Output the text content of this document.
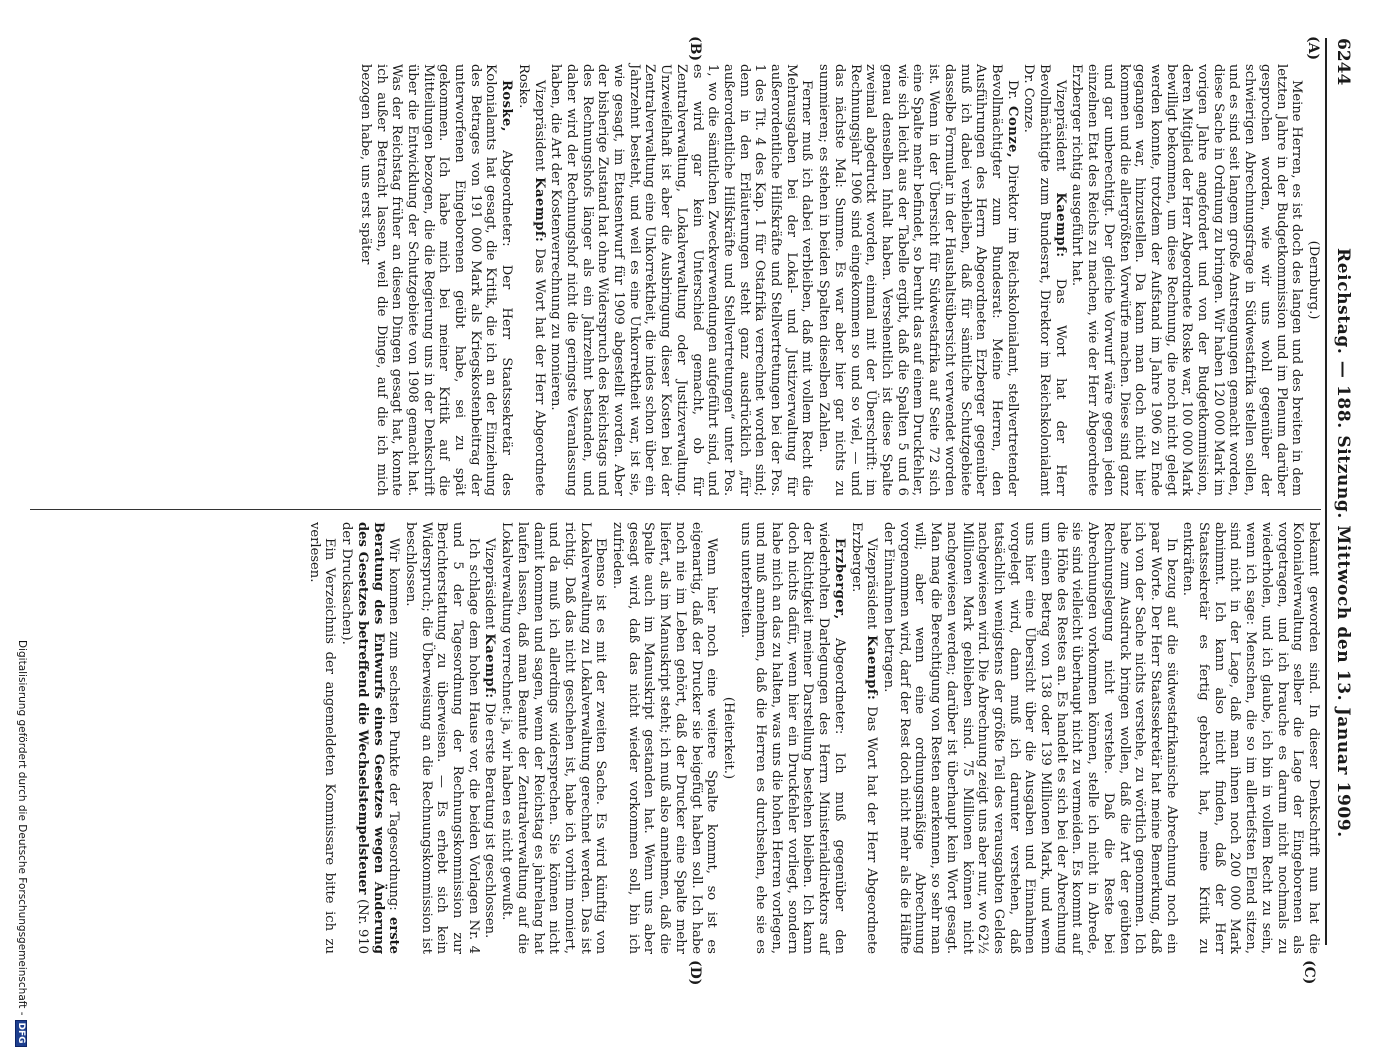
6244
Reichstag. — 188. Sitzung. Mittwoch den 13. Januar 1909.
(A)
(B)
(C)
(D)

(Dernburg.)

Meine Herren, es ist doch des langen und des breiten in dem letzten Jahre in der Budgetkommission und im Plenum darüber gesprochen worden, wie wir uns wohl gegenüber der schwierigen Abrechnungsfrage in Südwestafrika stellen sollen, und es sind seit langem große Anstrengungen gemacht worden, diese Sache in Ordnung zu bringen. Wir haben 120 000 Mark im vorigen Jahre angefordert und von der Budgetkommission, deren Mitglied der Herr Abgeordnete Roske war, 100 000 Mark bewilligt bekommen, um diese Rechnung, die noch nicht gelegt werden konnte, trotzdem der Aufstand im Jahre 1906 zu Ende gegangen war, hinzustellen. Da kann man doch nicht hier kommen und die allergrößten Vorwürfe machen. Diese sind ganz und gar unberechtigt. Der gleiche Vorwurf wäre gegen jeden einzelnen Etat des Reichs zu machen, wie der Herr Abgeordnete Erzberger richtig ausgeführt hat.

Vizepräsident Kaempf: Das Wort hat der Herr Bevollmächtigte zum Bundesrat, Direktor im Reichskolonialamt Dr. Conze.

Dr. Conze, Direktor im Reichskolonialamt, stellvertretender Bevollmächtigter zum Bundesrat: Meine Herren, den Ausführungen des Herrn Abgeordneten Erzberger gegenüber muß ich dabei verbleiben, daß für sämtliche Schutzgebiete dasselbe Formular in der Haushaltsübersicht verwendet worden ist. Wenn in der Übersicht für Südwestafrika auf Seite 72 sich eine Spalte mehr befindet, so beruht das auf einem Druckfehler, wie sich leicht aus der Tabelle ergibt, daß die Spalten 5 und 6 genau denselben Inhalt haben. Versehentlich ist diese Spalte zweimal abgedruckt worden, einmal mit der Überschrift: im Rechnungsjahr 1906 sind eingekommen so und so viel, — und das nächste Mal: Summe. Es war aber hier gar nichts zu summieren; es stehen in beiden Spalten dieselben Zahlen.

Ferner muß ich dabei verbleiben, daß mit vollem Recht die Mehrausgaben bei der Lokal- und Justizverwaltung für außerordentliche Hilfskräfte und Stellvertretungen bei der Pos. 1 des Tit. 4 des Kap. 1 für Ostafrika verrechnet worden sind; denn in den Erläuterungen steht ganz ausdrücklich „für außerordentliche Hilfskräfte und Stellvertretungen“ unter Pos. 1, wo die sämtlichen Zweckverwendungen aufgeführt sind, und es wird gar kein Unterschied gemacht, ob für Zentralverwaltung, Lokalverwaltung oder Justizverwaltung. Unzweifelhaft ist aber die Ausbringung dieser Kosten bei der Zentralverwaltung eine Unkorrektheit, die indes schon über ein Jahrzehnt besteht, und weil es eine Unkorrektheit war, ist sie, wie gesagt, im Etatsentwurf für 1909 abgestellt worden. Aber der bisherige Zustand hat ohne Widerspruch des Reichstags und des Rechnungshofs länger als ein Jahrzehnt bestanden, und daher wird der Rechnungshof nicht die geringste Veranlassung haben, die Art der Kostenverrechnung zu monieren.

Vizepräsident Kaempf: Das Wort hat der Herr Abgeordnete Roske.

Roske, Abgeordneter: Der Herr Staatssekretär des Kolonialamts hat gesagt, die Kritik, die ich an der Einziehung des Betrages von 191 000 Mark als Kriegskostenbeitrag der unterworfenen Eingeborenen geübt habe, sei zu spät gekommen. Ich habe mich bei meiner Kritik auf die Mitteilungen bezogen, die die Regierung uns in der Denkschrift über die Entwicklung der Schutzgebiete von 1908 gemacht hat. Was der Reichstag früher an diesen Dingen gesagt hat, konnte ich außer Betracht lassen, weil die Dinge, auf die ich mich bezogen habe, uns erst später

bekannt geworden sind. In dieser Denkschrift nun hat die Kolonialverwaltung selber die Lage der Eingeborenen als vorgetragen, und ich brauche es darum nicht nochmals zu wiederholen, und ich glaube, ich bin in vollem Recht zu sein, wenn ich sage: Menschen, die so im allertiefsten Elend sitzen, sind nicht in der Lage, daß man ihnen noch 200 000 Mark abnimmt. Ich kann also nicht finden, daß der Herr Staatssekretär es fertig gebracht hat, meine Kritik zu entkräften.

In bezug auf die südwestafrikanische Abrechnung noch ein paar Worte. Der Herr Staatssekretär hat meine Bemerkung, daß ich von der Sache nichts verstehe, zu wörtlich genommen. Ich habe zum Ausdruck bringen wollen, daß die Art der geübten Rechnungslegung nicht verstehe. Daß die Reste bei Abrechnungen vorkommen können, stelle ich nicht in Abrede, sie sind vielleicht überhaupt nicht zu vermeiden. Es kommt auf die Höhe des Restes an. Es handelt es sich bei der Abrechnung um einen Betrag von 138 oder 139 Millionen Mark, und wenn uns hier eine Übersicht über die Ausgaben und Einnahmen vorgelegt wird, dann muß ich darunter verstehen, daß tatsächlich wenigstens der größte Teil des verausgabten Geldes nachgewiesen wird. Die Abrechnung zeigt uns aber nur, wo 62½ Millionen Mark geblieben sind. 75 Millionen können nicht nachgewiesen werden; darüber ist überhaupt kein Wort gesagt. Man mag die Berechtigung von Resten anerkennen, so sehr man will; aber wenn eine ordnungsmäßige Abrechnung vorgenommen wird, darf der Rest doch nicht mehr als die Hälfte der Einnahmen betragen.

Vizepräsident Kaempf: Das Wort hat der Herr Abgeordnete Erzberger.

Erzberger, Abgeordneter: Ich muß gegenüber den wiederholten Darlegungen des Herrn Ministerialdirektors auf der Richtigkeit meiner Darstellung bestehen bleiben. Ich kann doch nichts dafür, wenn hier ein Druckfehler vorliegt, sondern habe mich an das zu halten, was uns die hohen Herren vorlegen, und muß annehmen, daß die Herren es durchsehen, ehe sie es uns unterbreiten.

(Heiterkeit.)

Wenn hier noch eine weitere Spalte kommt, so ist es eigenartig, daß der Drucker sie beigefügt haben soll. Ich habe noch nie im Leben gehört, daß der Drucker eine Spalte mehr liefert, als im Manuskript steht; ich muß also annehmen, daß die Spalte auch im Manuskript gestanden hat. Wenn uns aber gesagt wird, daß das nicht wieder vorkommen soll, bin ich zufrieden.

Ebenso ist es mit der zweiten Sache. Es wird künftig von Lokalverwaltung zu Lokalverwaltung gerechnet werden. Das ist richtig. Daß das nicht geschehen ist, habe ich vorhin moniert, und da muß ich allerdings widersprechen. Sie können nicht damit kommen und sagen, wenn der Reichstag es jahrelang hat laufen lassen, daß man Beamte der Zentralverwaltung auf die Lokalverwaltung verrechnet: ja, wir haben es nicht gewußt.

Vizepräsident Kaempf: Die erste Beratung ist geschlossen.

Ich schlage dem hohen Hause vor, die beiden Vorlagen Nr. 4 und 5 der Tagesordnung der Rechnungskommission zur Berichterstattung zu überweisen. — Es erhebt sich kein Widerspruch; die Überweisung an die Rechnungskommission ist beschlossen.

Wir kommen zum sechsten Punkte der Tagesordnung: erste Beratung des Entwurfs eines Gesetzes wegen Änderung des Gesetzes betreffend die Wechselstempelsteuer (Nr. 910 der Drucksachen).

Ein Verzeichnis der angemeldeten Kommissare bitte ich zu verlesen.

Digitalisierung gefördert durch die Deutsche Forschungsgemeinschaft -DFG
